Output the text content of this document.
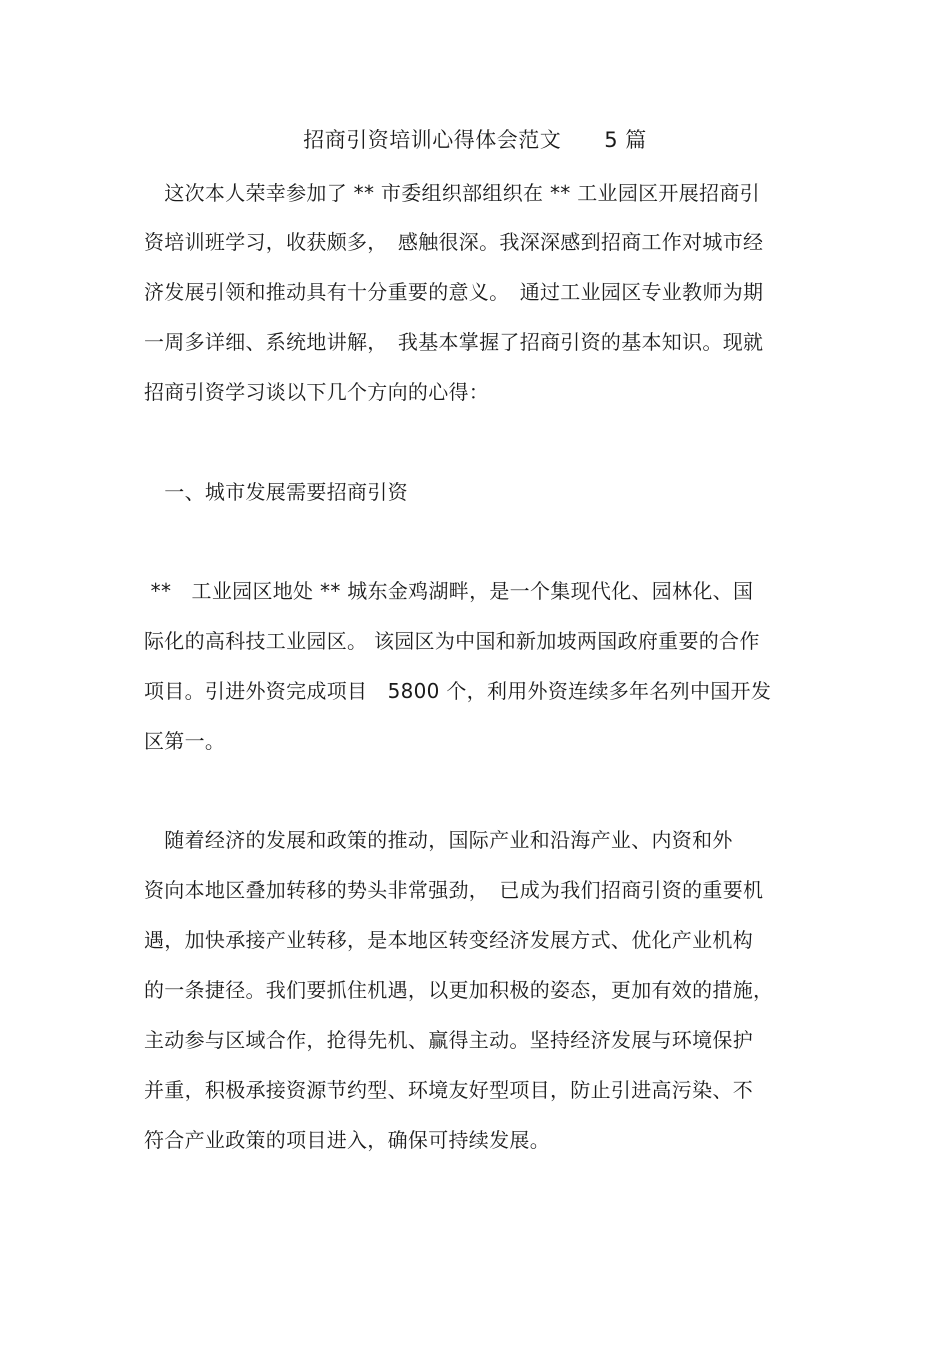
招商引资培训心得体会范文　　5 篇
　这次本人荣幸参加了 ** 市委组织部组织在 ** 工业园区开展招商引
资培训班学习，收获颇多，　感触很深。我深深感到招商工作对城市经
济发展引领和推动具有十分重要的意义。　通过工业园区专业教师为期
一周多详细、系统地讲解，　我基本掌握了招商引资的基本知识。现就
招商引资学习谈以下几个方向的心得：
　一、城市发展需要招商引资
**　工业园区地处 ** 城东金鸡湖畔，是一个集现代化、园林化、国
际化的高科技工业园区。 该园区为中国和新加坡两国政府重要的合作
项目。引进外资完成项目　5800 个，利用外资连续多年名列中国开发
区第一。
　随着经济的发展和政策的推动，国际产业和沿海产业、内资和外
资向本地区叠加转移的势头非常强劲，　已成为我们招商引资的重要机
遇，加快承接产业转移，是本地区转变经济发展方式、优化产业机构
的一条捷径。我们要抓住机遇，以更加积极的姿态，更加有效的措施，
主动参与区域合作，抢得先机、赢得主动。坚持经济发展与环境保护
并重，积极承接资源节约型、环境友好型项目，防止引进高污染、不
符合产业政策的项目进入，确保可持续发展。
